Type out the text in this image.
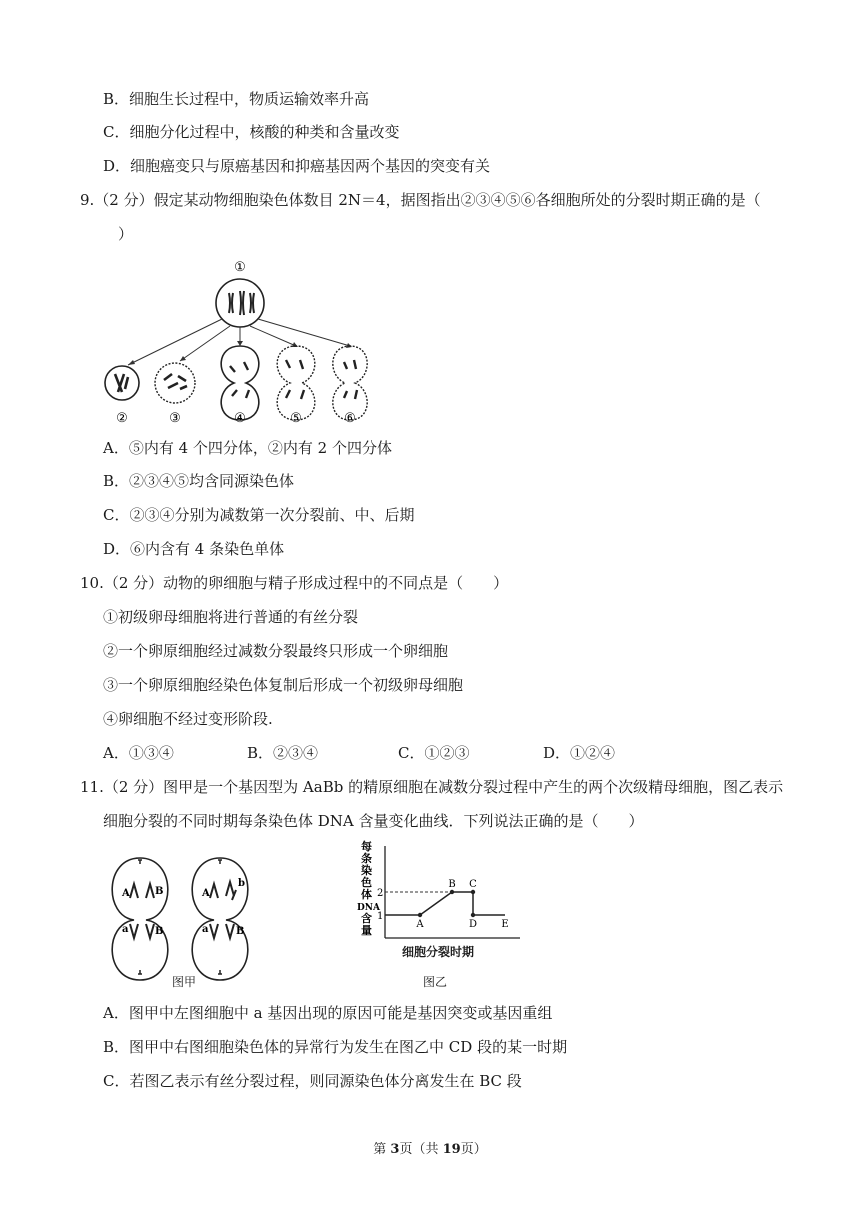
B．细胞生长过程中，物质运输效率升高
C．细胞分化过程中，核酸的种类和含量改变
D．细胞癌变只与原癌基因和抑癌基因两个基因的突变有关
9.（2 分）假定某动物细胞染色体数目 2N＝4，据图指出②③④⑤⑥各细胞所处的分裂时期正确的是（
）
①
②	③	④	⑤	⑥
A．⑤内有 4 个四分体，②内有 2 个四分体
B．②③④⑤均含同源染色体
C．②③④分别为减数第一次分裂前、中、后期
D．⑥内含有 4 条染色单体
10.（2 分）动物的卵细胞与精子形成过程中的不同点是（　　）
①初级卵母细胞将进行普通的有丝分裂
②一个卵原细胞经过减数分裂最终只形成一个卵细胞
③一个卵原细胞经染色体复制后形成一个初级卵母细胞
④卵细胞不经过变形阶段.
A．①③④	B．②③④	C．①②③	D．①②④
11.（2 分）图甲是一个基因型为 AaBb 的精原细胞在减数分裂过程中产生的两个次级精母细胞，图乙表示
细胞分裂的不同时期每条染色体 DNA 含量变化曲线．下列说法正确的是（　　）
A	B
a	B
A
b
a	B
图甲
每
条
染
色
体
DNA
含
量
1
2
A
B C
D E
细胞分裂时期
图乙
A．图甲中左图细胞中 a 基因出现的原因可能是基因突变或基因重组
B．图甲中右图细胞染色体的异常行为发生在图乙中 CD 段的某一时期
C．若图乙表示有丝分裂过程，则同源染色体分离发生在 BC 段
第 3页（共 19页）
